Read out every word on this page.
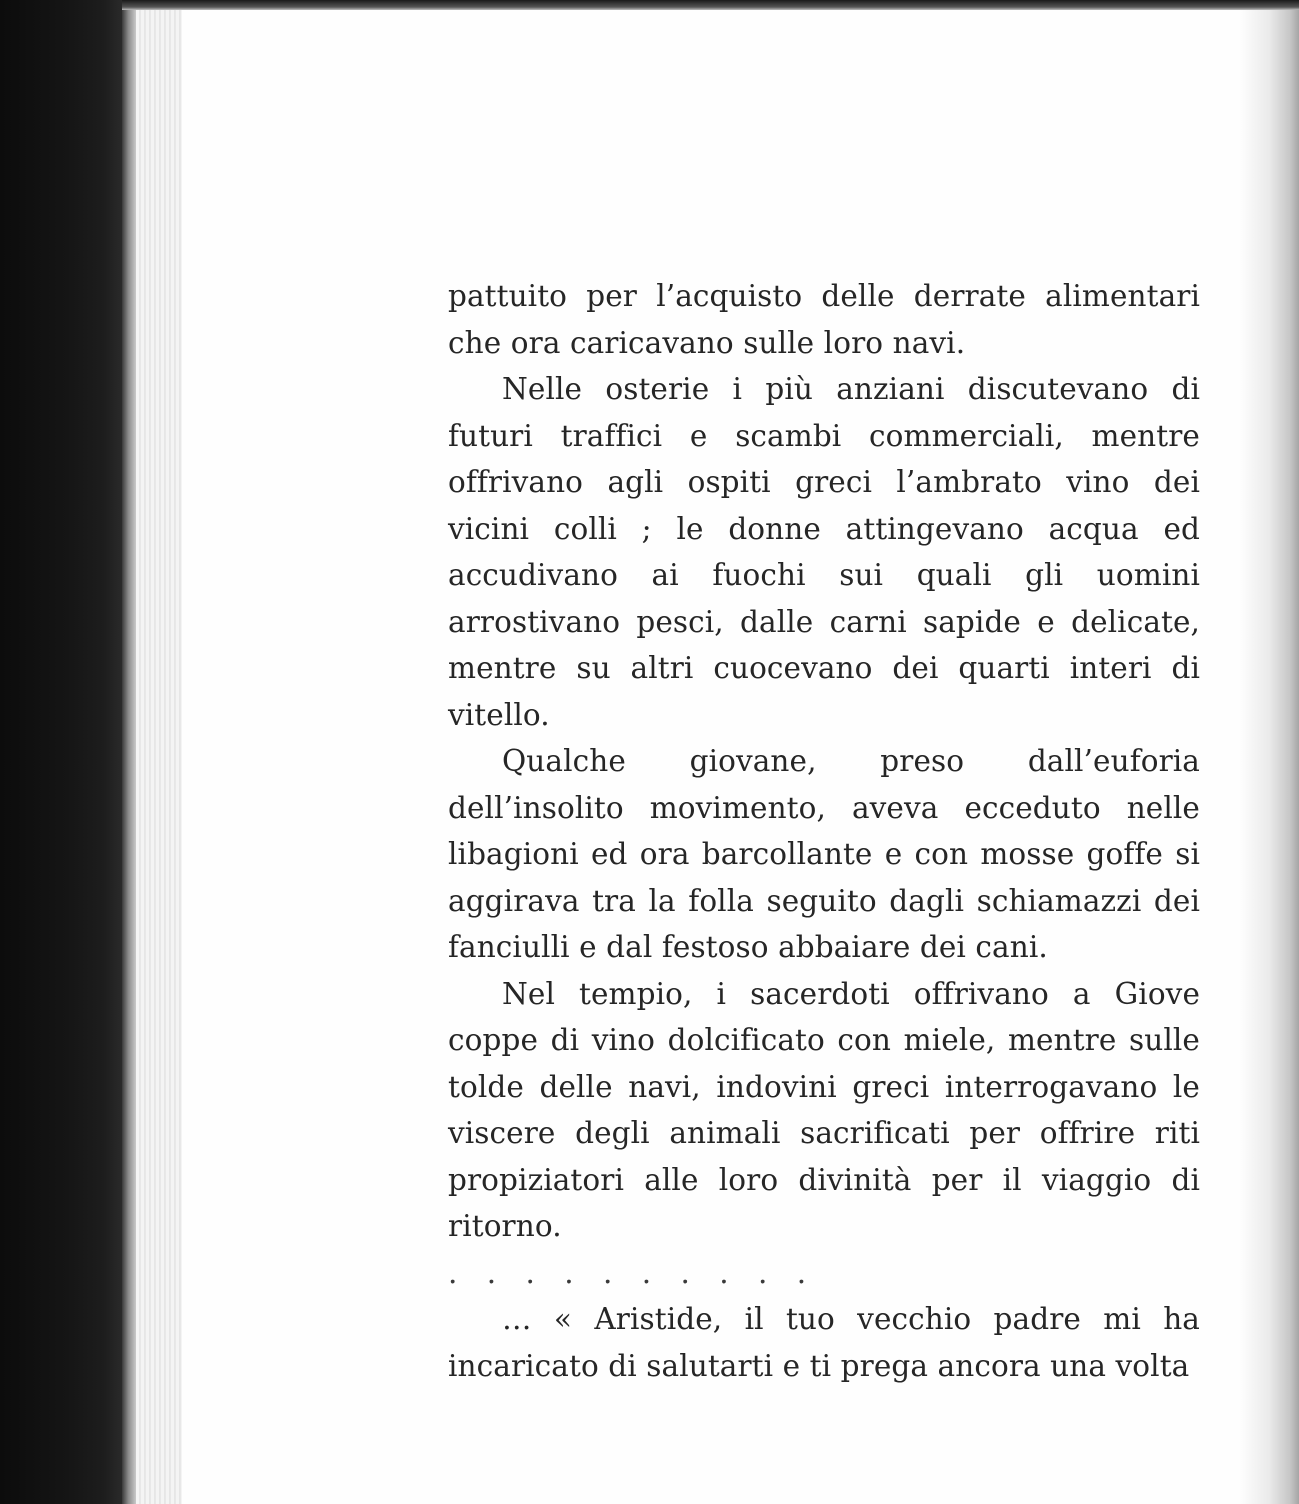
pattuito per l’acquisto delle derrate alimentari che ora caricavano sulle loro navi.

Nelle osterie i più anziani discutevano di futuri traffici e scambi commerciali, mentre offrivano agli ospiti greci l’ambrato vino dei vicini colli ; le donne attingevano acqua ed accudivano ai fuochi sui quali gli uomini arrostivano pesci, dalle carni sapide e delicate, mentre su altri cuocevano dei quarti interi di vitello.

Qualche giovane, preso dall’euforia dell’insolito movimento, aveva ecceduto nelle libagioni ed ora barcollante e con mosse goffe si aggirava tra la folla seguito dagli schiamazzi dei fanciulli e dal festoso abbaiare dei cani.

Nel tempio, i sacerdoti offrivano a Giove coppe di vino dolcificato con miele, mentre sulle tolde delle navi, indovini greci interrogavano le viscere degli animali sacrificati per offrire riti propiziatori alle loro divinità per il viaggio di ritorno.

. . . . . . . . . .

… « Aristide, il tuo vecchio padre mi ha incaricato di salutarti e ti prega ancora una volta
